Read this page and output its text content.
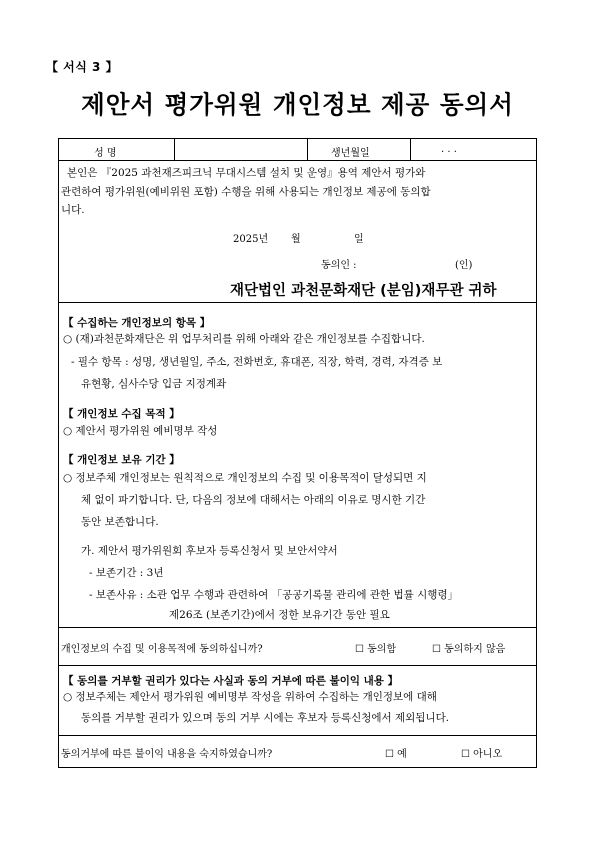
【 서식 3 】
제안서 평가위원 개인정보 제공 동의서
성 명	생년월일	. . .
본인은 『2025 과천재즈피크닉 무대시스템 설치 및 운영』용역 제안서 평가와
관련하여 평가위원(예비위원 포함) 수행을 위해 사용되는 개인정보 제공에 동의합
니다.
2025년 월	일
동의인 :	(인)
재단법인 과천문화재단 (분임)재무관 귀하
【 수집하는 개인정보의 항목 】
○ (재)과천문화재단은 위 업무처리를 위해 아래와 같은 개인정보를 수집합니다.
- 필수 항목 : 성명, 생년월일, 주소, 전화번호, 휴대폰, 직장, 학력, 경력, 자격증 보
유현황, 심사수당 입금 지정계좌
【 개인정보 수집 목적 】
○ 제안서 평가위원 예비명부 작성
【 개인정보 보유 기간 】
○ 정보주체 개인정보는 원칙적으로 개인정보의 수집 및 이용목적이 달성되면 지
체 없이 파기합니다. 단, 다음의 정보에 대해서는 아래의 이유로 명시한 기간
동안 보존합니다.
가. 제안서 평가위원회 후보자 등록신청서 및 보안서약서
- 보존기간 : 3년
- 보존사유 : 소관 업무 수행과 관련하여 「공공기록물 관리에 관한 법률 시행령」
제26조 (보존기간)에서 정한 보유기간 동안 필요
개인정보의 수집 및 이용목적에 동의하십니까?	☐ 동의함	☐ 동의하지 않음
【 동의를 거부할 권리가 있다는 사실과 동의 거부에 따른 불이익 내용 】
○ 정보주체는 제안서 평가위원 예비명부 작성을 위하여 수집하는 개인정보에 대해
동의를 거부할 권리가 있으며 동의 거부 시에는 후보자 등록신청에서 제외됩니다.
동의거부에 따른 불이익 내용을 숙지하였습니까?	☐ 예	☐ 아니오
